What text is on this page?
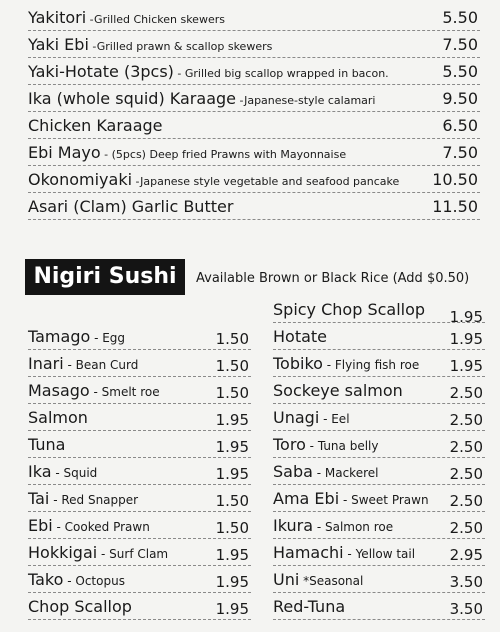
Yakitori -Grilled Chicken skewers	5.50
Yaki Ebi -Grilled prawn & scallop skewers	7.50
Yaki-Hotate (3pcs) - Grilled big scallop wrapped in bacon.	5.50
Ika (whole squid) Karaage -Japanese-style calamari	9.50
Chicken Karaage	6.50
Ebi Mayo - (5pcs) Deep fried Prawns with Mayonnaise	7.50
Okonomiyaki -Japanese style vegetable and seafood pancake 10.50
Asari (Clam) Garlic Butter	11.50
Nigiri Sushi	Available Brown or Black Rice (Add $0.50)
Tamago - Egg	1.50
Inari - Bean Curd	1.50
Masago - Smelt roe	1.50
Salmon	1.95
Tuna	1.95
Ika - Squid	1.95
Tai - Red Snapper	1.50
Ebi - Cooked Prawn	1.50
Hokkigai - Surf Clam	1.95
Tako - Octopus	1.95
Chop Scallop	1.95
Spicy Chop Scallop 1.95
Hotate	1.95
Tobiko - Flying fish roe 1.95
Sockeye salmon	2.50
Unagi - Eel	2.50
Toro - Tuna belly	2.50
Saba - Mackerel	2.50
Ama Ebi - Sweet Prawn 2.50
Ikura - Salmon roe	2.50
Hamachi - Yellow tail 2.95
Uni *Seasonal	3.50
Red-Tuna	3.50
